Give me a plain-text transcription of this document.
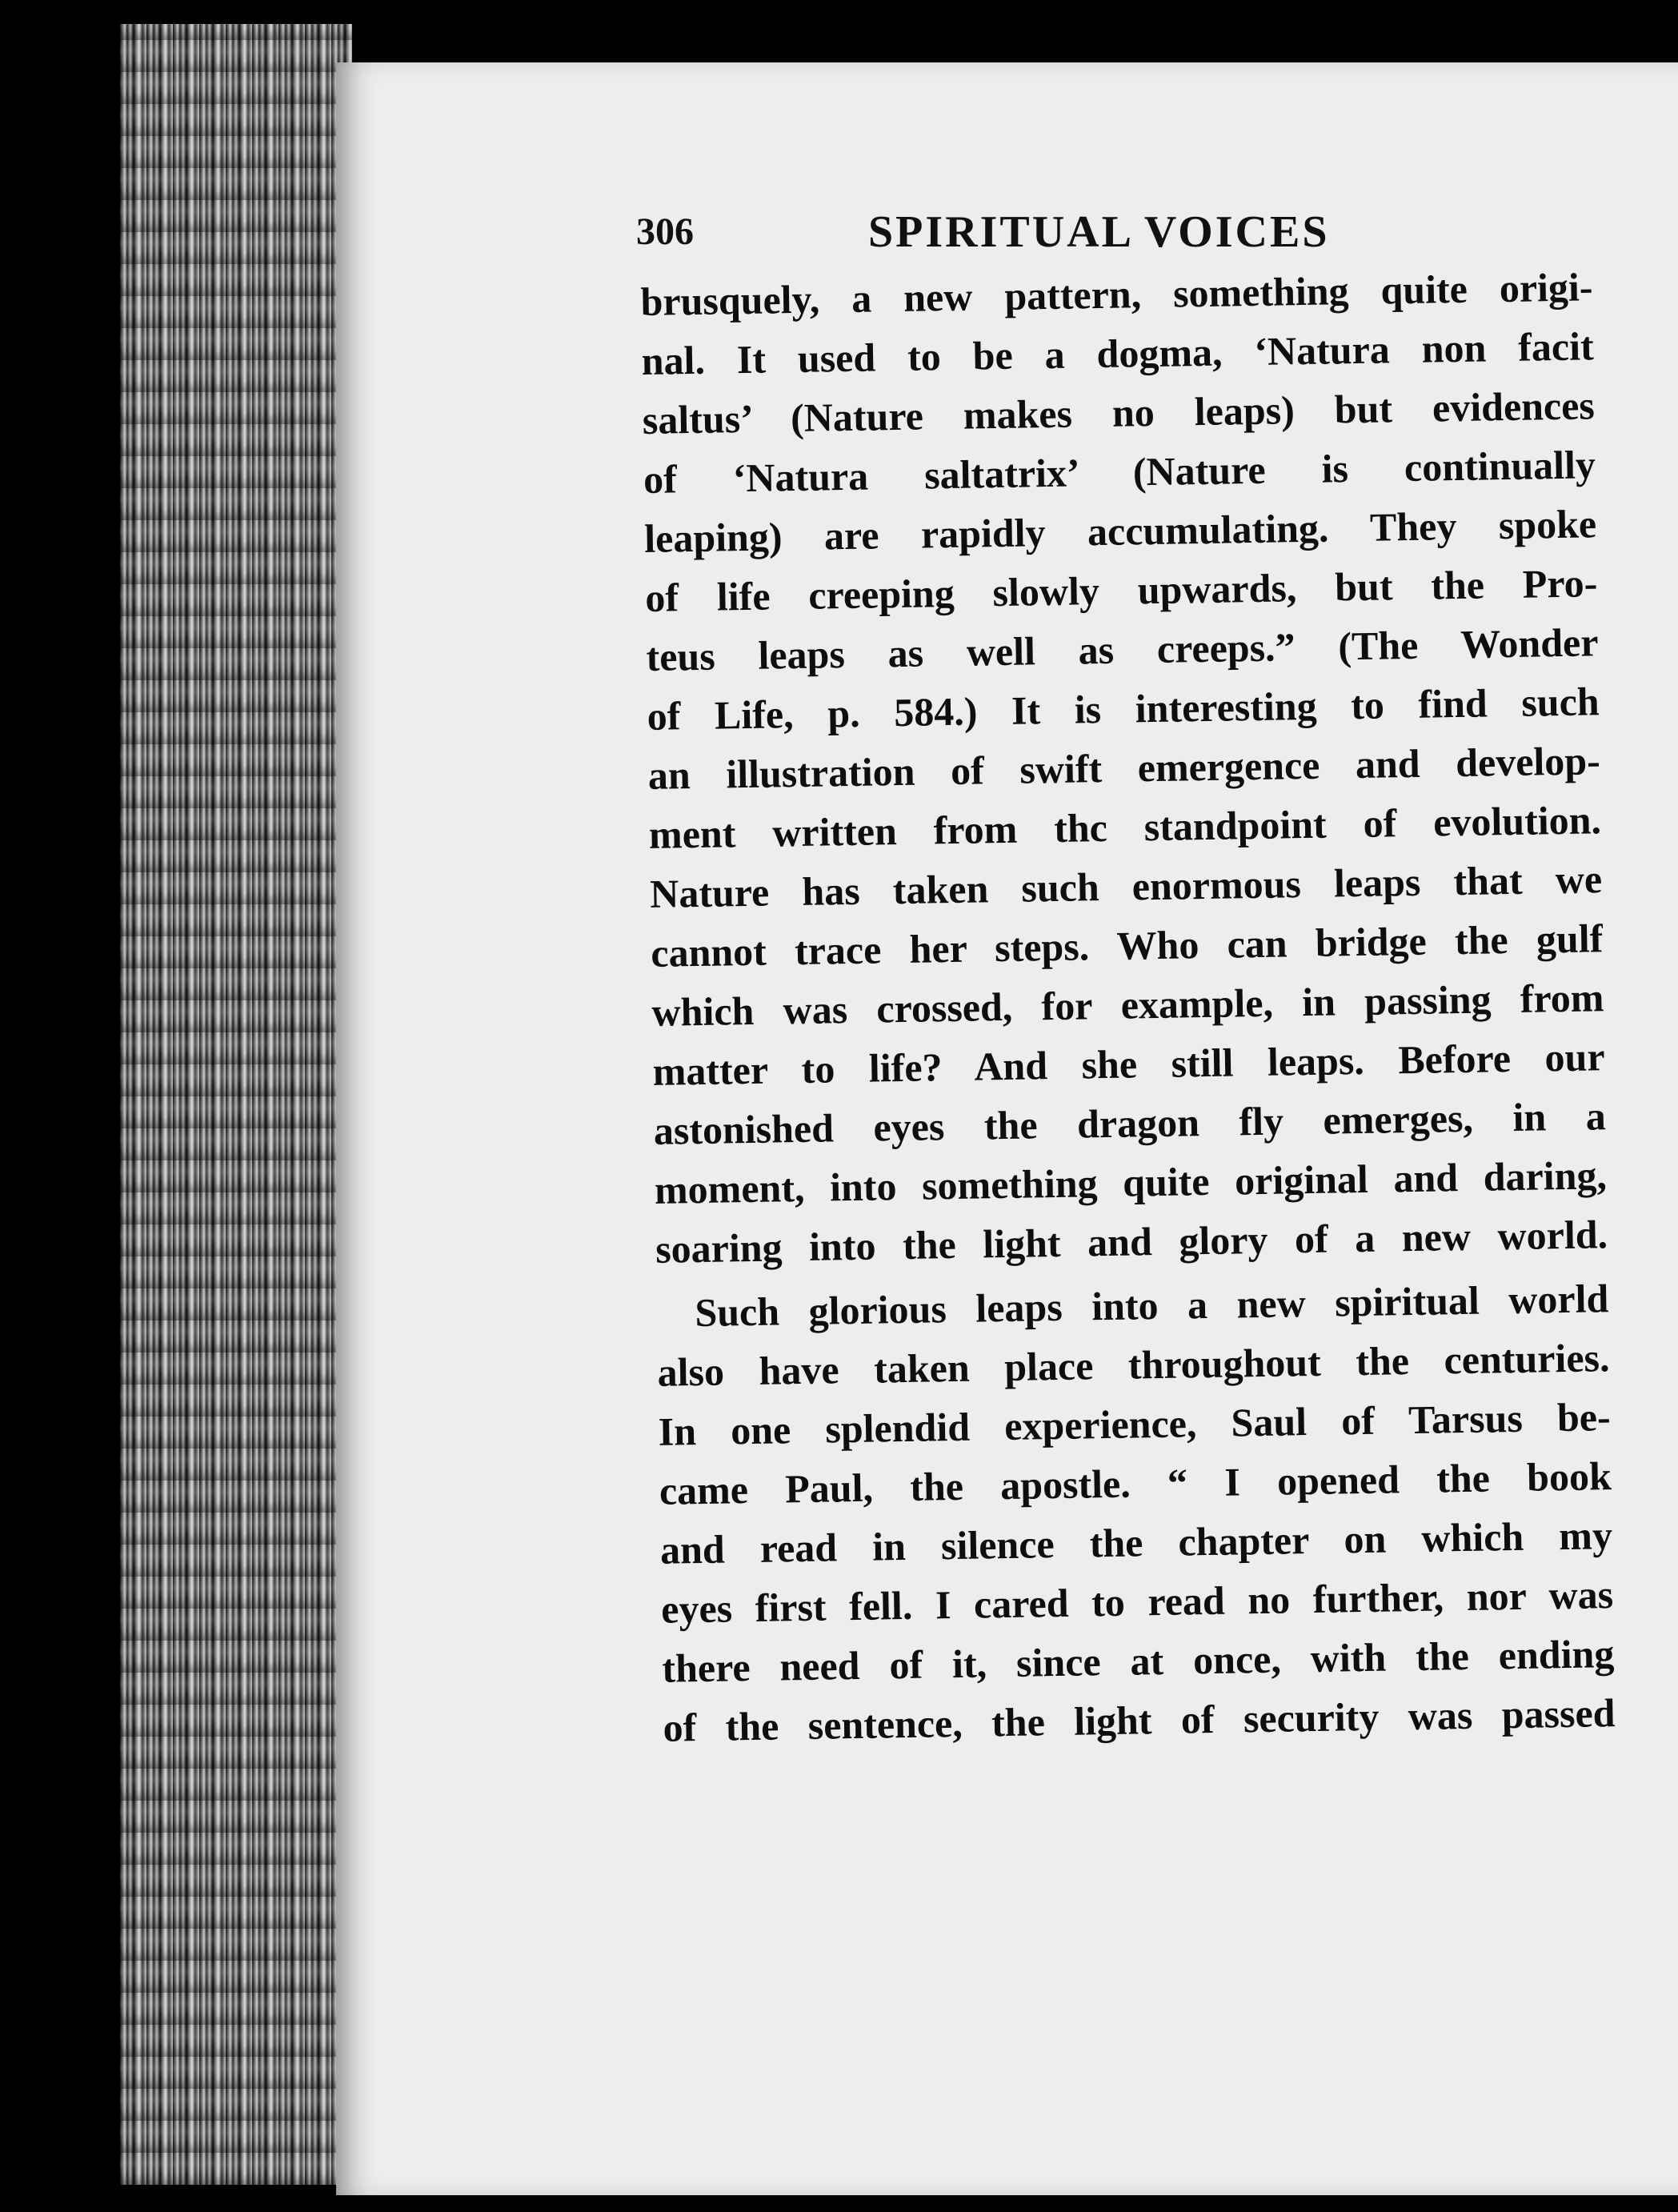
306	SPIRITUAL VOICES
brusquely, a new pattern, something quite origi-
nal. It used to be a dogma, ‘Natura non facit
saltus’ (Nature makes no leaps) but evidences
of ‘Natura saltatrix’ (Nature is continually
leaping) are rapidly accumulating. They spoke
of life creeping slowly upwards, but the Pro-
teus leaps as well as creeps.” (The Wonder
of Life, p. 584.) It is interesting to find such
an illustration of swift emergence and develop-
ment written from thc standpoint of evolution.
Nature has taken such enormous leaps that we
cannot trace her steps. Who can bridge the gulf
which was crossed, for example, in passing from
matter to life? And she still leaps. Before our
astonished eyes the dragon fly emerges, in a
moment, into something quite original and daring,
soaring into the light and glory of a new world.
Such glorious leaps into a new spiritual world
also have taken place throughout the centuries.
In one splendid experience, Saul of Tarsus be-
came Paul, the apostle. “ I opened the book
and read in silence the chapter on which my
eyes first fell. I cared to read no further, nor was
there need of it, since at once, with the ending
of the sentence, the light of security was passed
